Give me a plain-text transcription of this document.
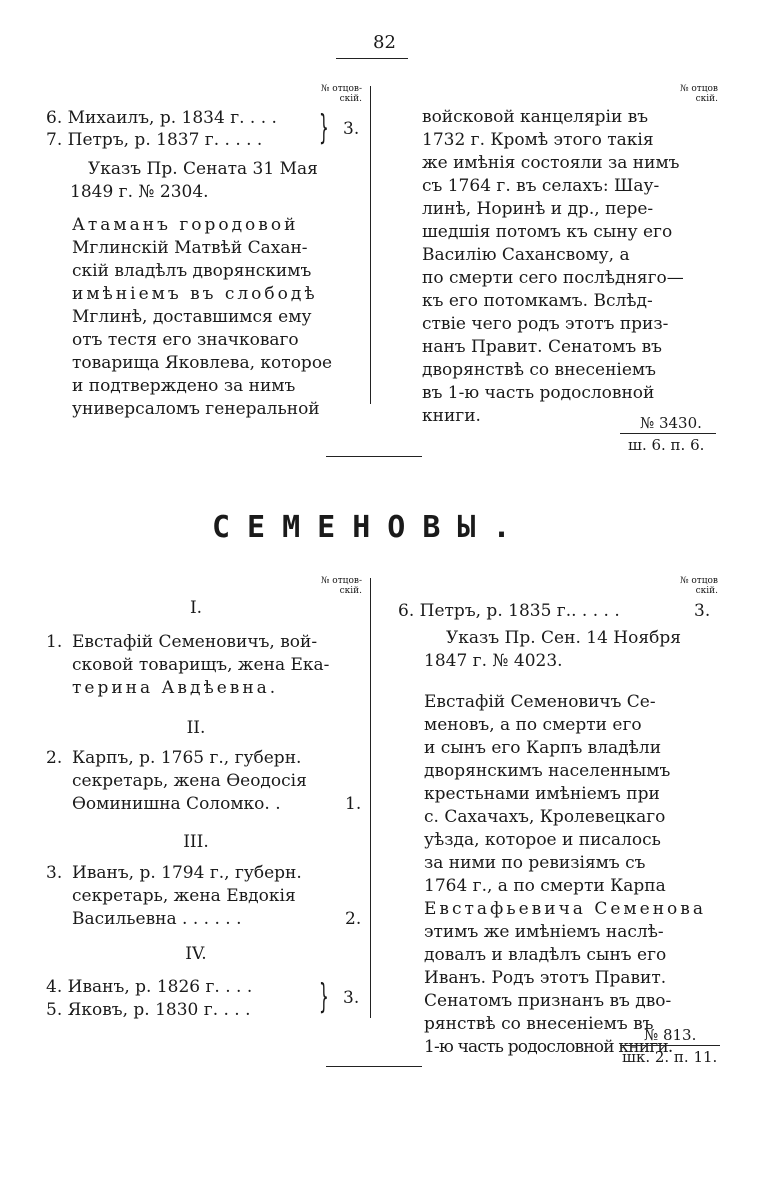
82
№ отцов-
скій.
№ отцов
скій.
6. Михаилъ, р. 1834 г. . . .
7. Петръ, р. 1837 г. . . . . } 3.
Указъ Пр. Сената 31 Мая
1849 г. № 2304.
Атаманъ городовой
Мглинскій Матвѣй Сахан-
скій владѣлъ дворянскимъ
имѣніемъ въ слободѣ
Мглинѣ, доставшимся ему
отъ тестя его значковаго
товарища Яковлева, которое
и подтверждено за нимъ
универсаломъ генеральной
войсковой канцеляріи въ
1732 г. Кромѣ этого такія
же имѣнія состояли за нимъ
съ 1764 г. въ селахъ: Шау-
линѣ, Норинѣ и др., пере-
шедшія потомъ къ сыну его
Василію Сахансвому, а
по смерти сего послѣдняго—
къ его потомкамъ. Вслѣд-
ствіе чего родъ этотъ приз-
нанъ Правит. Сенатомъ въ
дворянствѣ со внесеніемъ
въ 1-ю часть родословной
книги.	№ 3430.
ш. 6. п. 6.
СЕМЕНОВЫ.
№ отцов-
скій.
№ отцов
скій.
I.
1. Евстафій Семеновичъ, вой-
сковой товарищъ, жена Ека-
терина Авдѣевна.
II.
2. Карпъ, р. 1765 г., губерн.
секретарь, жена Ѳеодосія
Ѳоминишна Соломко. .	1.
III.
3. Иванъ, р. 1794 г., губерн.
секретарь, жена Евдокія
Васильевна . . . . . .	2.
IV.
4. Иванъ, р. 1826 г. . . .
5. Яковъ, р. 1830 г. . . . } 3.
6. Петръ, р. 1835 г.. . . . .	3.
Указъ Пр. Сен. 14 Ноября
1847 г. № 4023.
Евстафій Семеновичъ Се-
меновъ, а по смерти его
и сынъ его Карпъ владѣли
дворянскимъ населеннымъ
крестьнами имѣніемъ при
с. Сахачахъ, Кролевецкаго
уѣзда, которое и писалось
за ними по ревизіямъ съ
1764 г., а по смерти Карпа
Евстафьевича Семенова
этимъ же имѣніемъ наслѣ-
довалъ и владѣлъ сынъ его
Иванъ. Родъ этотъ Правит.
Сенатомъ признанъ въ дво-
рянствѣ со внесеніемъ въ
1-ю часть родословной книги.
№ 813.
шк. 2. п. 11.
